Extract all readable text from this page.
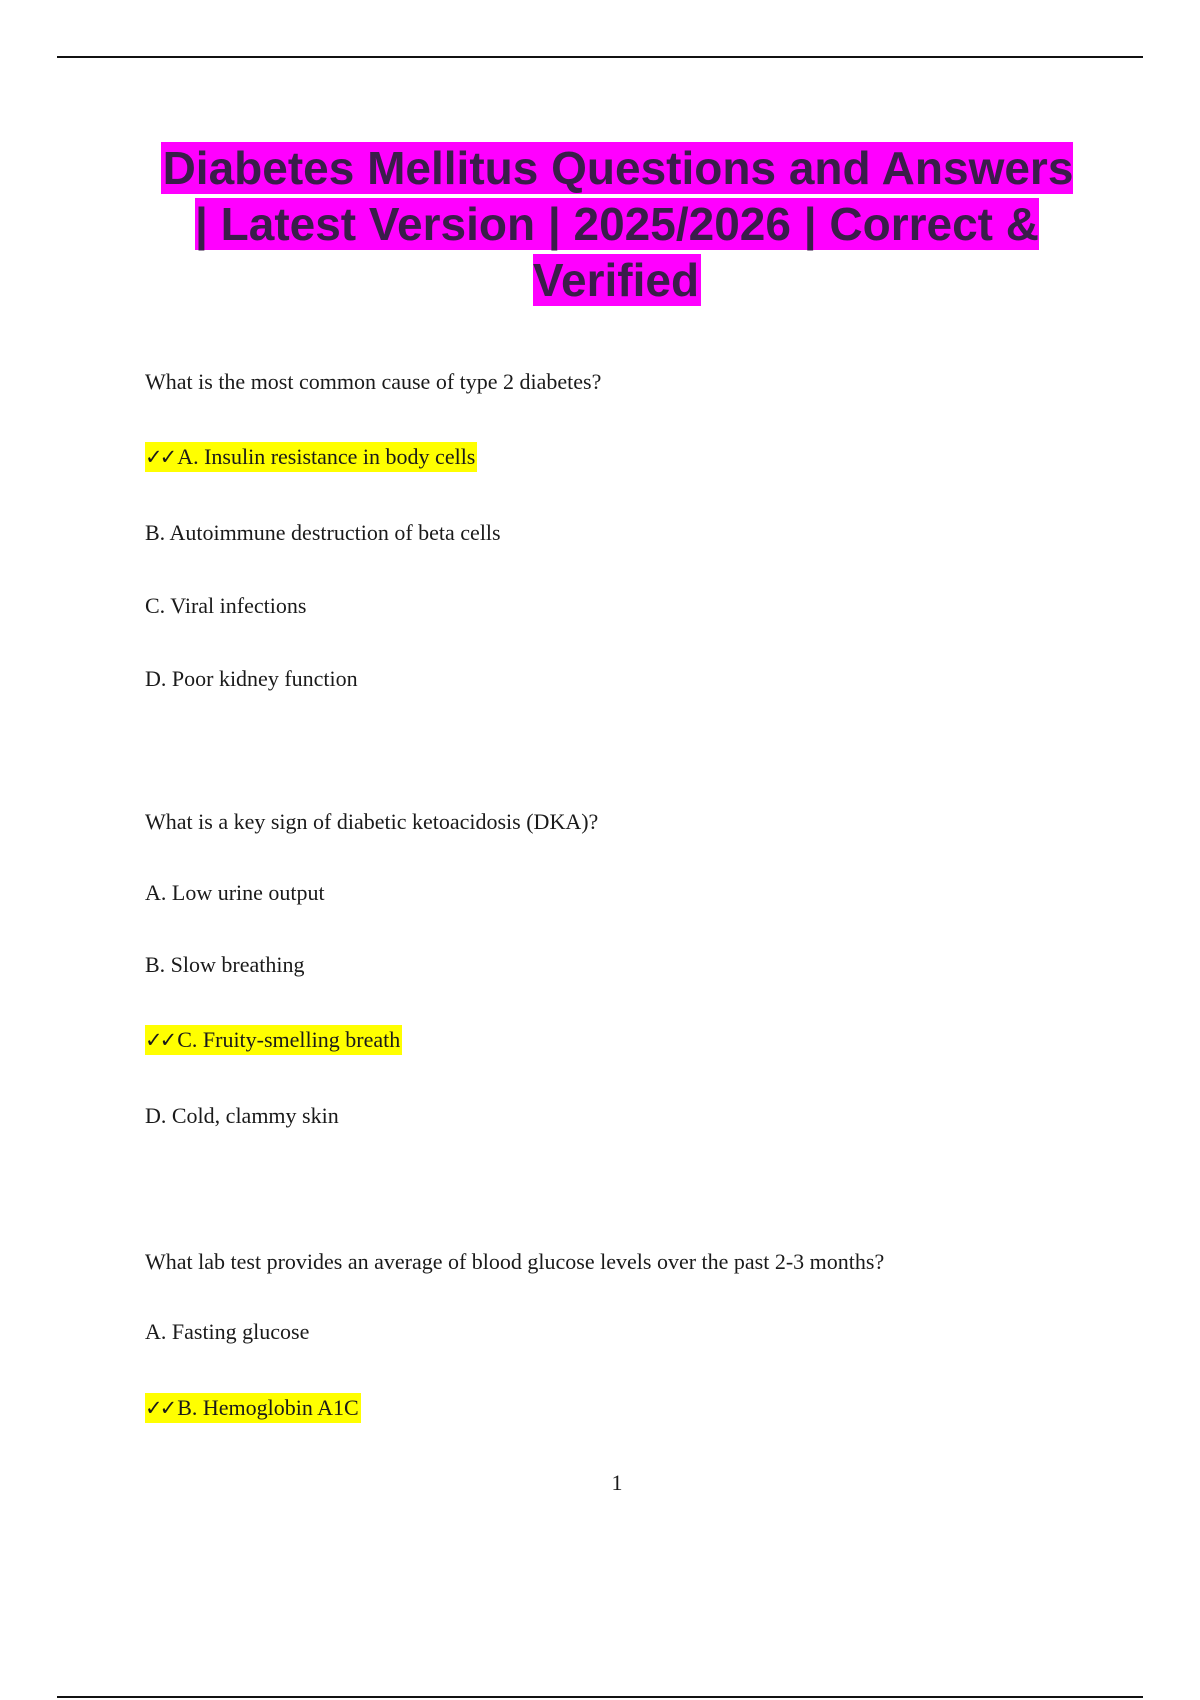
Diabetes Mellitus Questions and Answers | Latest Version | 2025/2026 | Correct & Verified
What is the most common cause of type 2 diabetes?
✓✓ A. Insulin resistance in body cells
B. Autoimmune destruction of beta cells
C. Viral infections
D. Poor kidney function
What is a key sign of diabetic ketoacidosis (DKA)?
A. Low urine output
B. Slow breathing
✓✓ C. Fruity-smelling breath
D. Cold, clammy skin
What lab test provides an average of blood glucose levels over the past 2-3 months?
A. Fasting glucose
✓✓ B. Hemoglobin A1C
1
